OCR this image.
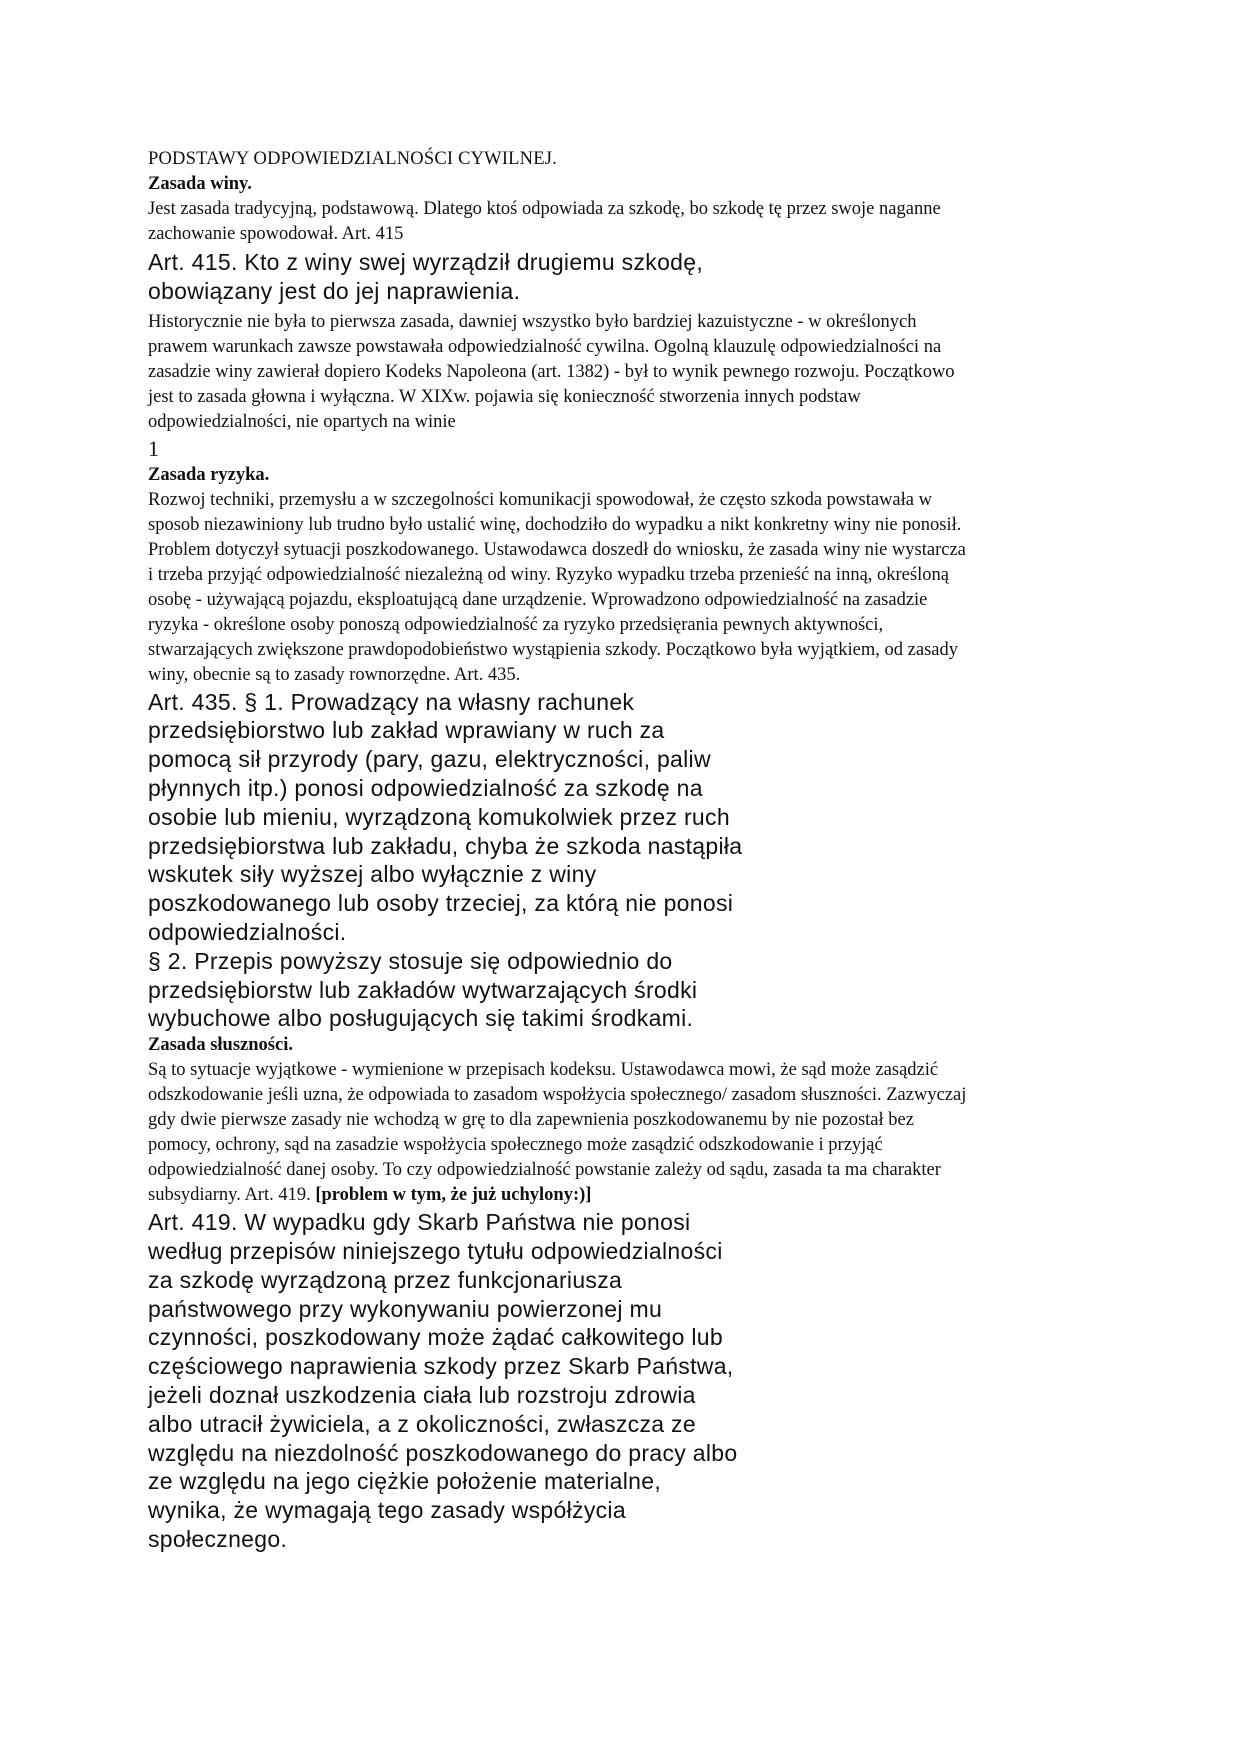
PODSTAWY ODPOWIEDZIALNOŚCI CYWILNEJ.

Zasada winy.

Jest zasada tradycyjną, podstawową. Dlatego ktoś odpowiada za szkodę, bo szkodę tę przez swoje naganne
zachowanie spowodował. Art. 415

Art. 415. Kto z winy swej wyrządził drugiemu szkodę,
obowiązany jest do jej naprawienia.

Historycznie nie była to pierwsza zasada, dawniej wszystko było bardziej kazuistyczne - w określonych
prawem warunkach zawsze powstawała odpowiedzialność cywilna. Ogolną klauzulę odpowiedzialności na
zasadzie winy zawierał dopiero Kodeks Napoleona (art. 1382) - był to wynik pewnego rozwoju. Początkowo
jest to zasada głowna i wyłączna. W XIXw. pojawia się konieczność stworzenia innych podstaw
odpowiedzialności, nie opartych na winie

1

Zasada ryzyka.

Rozwoj techniki, przemysłu a w szczegolności komunikacji spowodował, że często szkoda powstawała w
sposob niezawiniony lub trudno było ustalić winę, dochodziło do wypadku a nikt konkretny winy nie ponosił.
Problem dotyczył sytuacji poszkodowanego. Ustawodawca doszedł do wniosku, że zasada winy nie wystarcza
i trzeba przyjąć odpowiedzialność niezależną od winy. Ryzyko wypadku trzeba przenieść na inną, określoną
osobę - używającą pojazdu, eksploatującą dane urządzenie. Wprowadzono odpowiedzialność na zasadzie
ryzyka - określone osoby ponoszą odpowiedzialność za ryzyko przedsięrania pewnych aktywności,
stwarzających zwiększone prawdopodobieństwo wystąpienia szkody. Początkowo była wyjątkiem, od zasady
winy, obecnie są to zasady rownorzędne. Art. 435.

Art. 435. § 1. Prowadzący na własny rachunek
przedsiębiorstwo lub zakład wprawiany w ruch za
pomocą sił przyrody (pary, gazu, elektryczności, paliw
płynnych itp.) ponosi odpowiedzialność za szkodę na
osobie lub mieniu, wyrządzoną komukolwiek przez ruch
przedsiębiorstwa lub zakładu, chyba że szkoda nastąpiła
wskutek siły wyższej albo wyłącznie z winy
poszkodowanego lub osoby trzeciej, za którą nie ponosi
odpowiedzialności.
§ 2. Przepis powyższy stosuje się odpowiednio do
przedsiębiorstw lub zakładów wytwarzających środki
wybuchowe albo posługujących się takimi środkami.

Zasada słuszności.

Są to sytuacje wyjątkowe - wymienione w przepisach kodeksu. Ustawodawca mowi, że sąd może zasądzić
odszkodowanie jeśli uzna, że odpowiada to zasadom wspołżycia społecznego/ zasadom słuszności. Zazwyczaj
gdy dwie pierwsze zasady nie wchodzą w grę to dla zapewnienia poszkodowanemu by nie pozostał bez
pomocy, ochrony, sąd na zasadzie wspołżycia społecznego może zasądzić odszkodowanie i przyjąć
odpowiedzialność danej osoby. To czy odpowiedzialność powstanie zależy od sądu, zasada ta ma charakter
subsydiarny. Art. 419. [problem w tym, że już uchylony:)]

Art. 419. W wypadku gdy Skarb Państwa nie ponosi
według przepisów niniejszego tytułu odpowiedzialności
za szkodę wyrządzoną przez funkcjonariusza
państwowego przy wykonywaniu powierzonej mu
czynności, poszkodowany może żądać całkowitego lub
częściowego naprawienia szkody przez Skarb Państwa,
jeżeli doznał uszkodzenia ciała lub rozstroju zdrowia
albo utracił żywiciela, a z okoliczności, zwłaszcza ze
względu na niezdolność poszkodowanego do pracy albo
ze względu na jego ciężkie położenie materialne,
wynika, że wymagają tego zasady współżycia
społecznego.
